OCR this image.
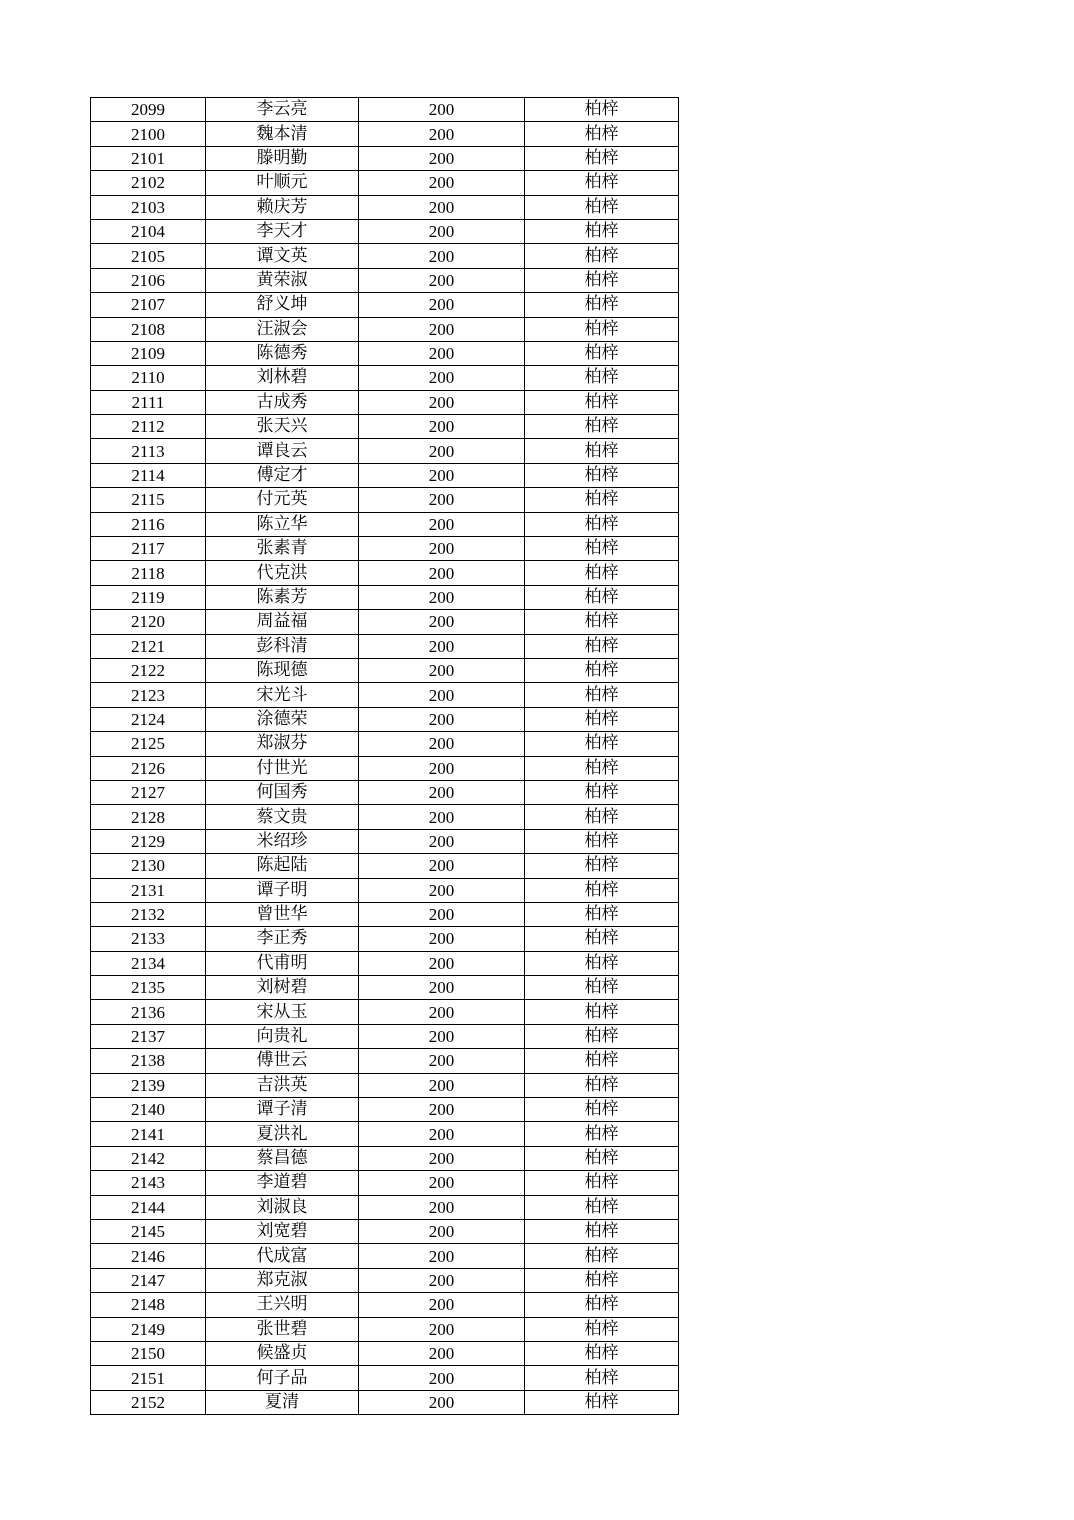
2099	李云亮	200	柏梓
2100	魏本清	200	柏梓
2101	滕明勤	200	柏梓
2102	叶顺元	200	柏梓
2103	赖庆芳	200	柏梓
2104	李天才	200	柏梓
2105	谭文英	200	柏梓
2106	黄荣淑	200	柏梓
2107	舒义坤	200	柏梓
2108	汪淑会	200	柏梓
2109	陈德秀	200	柏梓
2110	刘林碧	200	柏梓
2111	古成秀	200	柏梓
2112	张天兴	200	柏梓
2113	谭良云	200	柏梓
2114	傅定才	200	柏梓
2115	付元英	200	柏梓
2116	陈立华	200	柏梓
2117	张素青	200	柏梓
2118	代克洪	200	柏梓
2119	陈素芳	200	柏梓
2120	周益福	200	柏梓
2121	彭科清	200	柏梓
2122	陈现德	200	柏梓
2123	宋光斗	200	柏梓
2124	涂德荣	200	柏梓
2125	郑淑芬	200	柏梓
2126	付世光	200	柏梓
2127	何国秀	200	柏梓
2128	蔡文贵	200	柏梓
2129	米绍珍	200	柏梓
2130	陈起陆	200	柏梓
2131	谭子明	200	柏梓
2132	曾世华	200	柏梓
2133	李正秀	200	柏梓
2134	代甫明	200	柏梓
2135	刘树碧	200	柏梓
2136	宋从玉	200	柏梓
2137	向贵礼	200	柏梓
2138	傅世云	200	柏梓
2139	吉洪英	200	柏梓
2140	谭子清	200	柏梓
2141	夏洪礼	200	柏梓
2142	蔡昌德	200	柏梓
2143	李道碧	200	柏梓
2144	刘淑良	200	柏梓
2145	刘宽碧	200	柏梓
2146	代成富	200	柏梓
2147	郑克淑	200	柏梓
2148	王兴明	200	柏梓
2149	张世碧	200	柏梓
2150	候盛贞	200	柏梓
2151	何子品	200	柏梓
2152	夏清	200	柏梓
